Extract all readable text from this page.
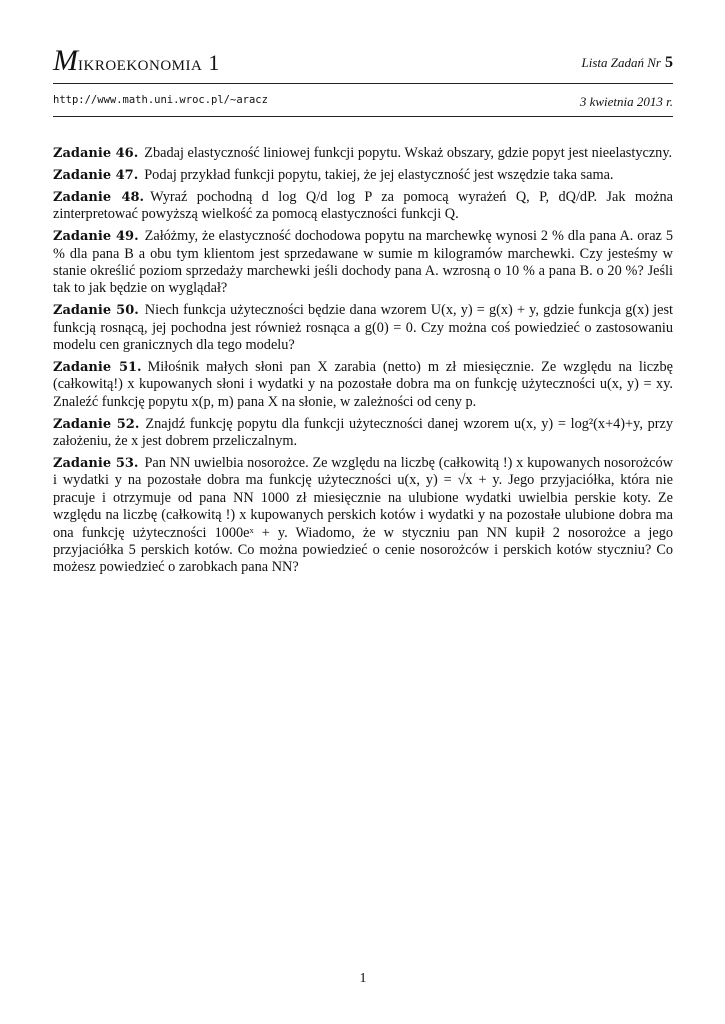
MIKROEKONOMIA 1	Lista Zadań Nr 5
http://www.math.uni.wroc.pl/~aracz	3 kwietnia 2013 r.

Zadanie 46. Zbadaj elastyczność liniowej funkcji popytu. Wskaż obszary, gdzie popyt jest nieelastyczny.

Zadanie 47. Podaj przykład funkcji popytu, takiej, że jej elastyczność jest wszędzie taka sama.

Zadanie 48. Wyraź pochodną d log Q/d log P za pomocą wyrażeń Q, P, dQ/dP. Jak można zinterpretować powyższą wielkość za pomocą elastyczności funkcji Q.

Zadanie 49. Załóżmy, że elastyczność dochodowa popytu na marchewkę wynosi 2 % dla pana A. oraz 5 % dla pana B a obu tym klientom jest sprzedawane w sumie m kilogramów marchewki. Czy jesteśmy w stanie określić poziom sprzedaży marchewki jeśli dochody pana A. wzrosną o 10 % a pana B. o 20 %? Jeśli tak to jak będzie on wyglądał?

Zadanie 50. Niech funkcja użyteczności będzie dana wzorem U(x, y) = g(x) + y, gdzie funkcja g(x) jest funkcją rosnącą, jej pochodna jest również rosnąca a g(0) = 0. Czy można coś powiedzieć o zastosowaniu modelu cen granicznych dla tego modelu?

Zadanie 51. Miłośnik małych słoni pan X zarabia (netto) m zł miesięcznie. Ze względu na liczbę (całkowitą!) x kupowanych słoni i wydatki y na pozostałe dobra ma on funkcję użyteczności u(x, y) = xy. Znaleźć funkcję popytu x(p, m) pana X na słonie, w zależności od ceny p.

Zadanie 52. Znajdź funkcję popytu dla funkcji użyteczności danej wzorem u(x, y) = log²(x+4)+y, przy założeniu, że x jest dobrem przeliczalnym.

Zadanie 53. Pan NN uwielbia nosorożce. Ze względu na liczbę (całkowitą !) x kupowanych nosorożców i wydatki y na pozostałe dobra ma funkcję użyteczności u(x, y) = √x + y. Jego przyjaciółka, która nie pracuje i otrzymuje od pana NN 1000 zł miesięcznie na ulubione wydatki uwielbia perskie koty. Ze względu na liczbę (całkowitą !) x kupowanych perskich kotów i wydatki y na pozostałe ulubione dobra ma ona funkcję użyteczności 1000eˣ + y. Wiadomo, że w styczniu pan NN kupił 2 nosorożce a jego przyjaciółka 5 perskich kotów. Co można powiedzieć o cenie nosorożców i perskich kotów styczniu? Co możesz powiedzieć o zarobkach pana NN?

1
